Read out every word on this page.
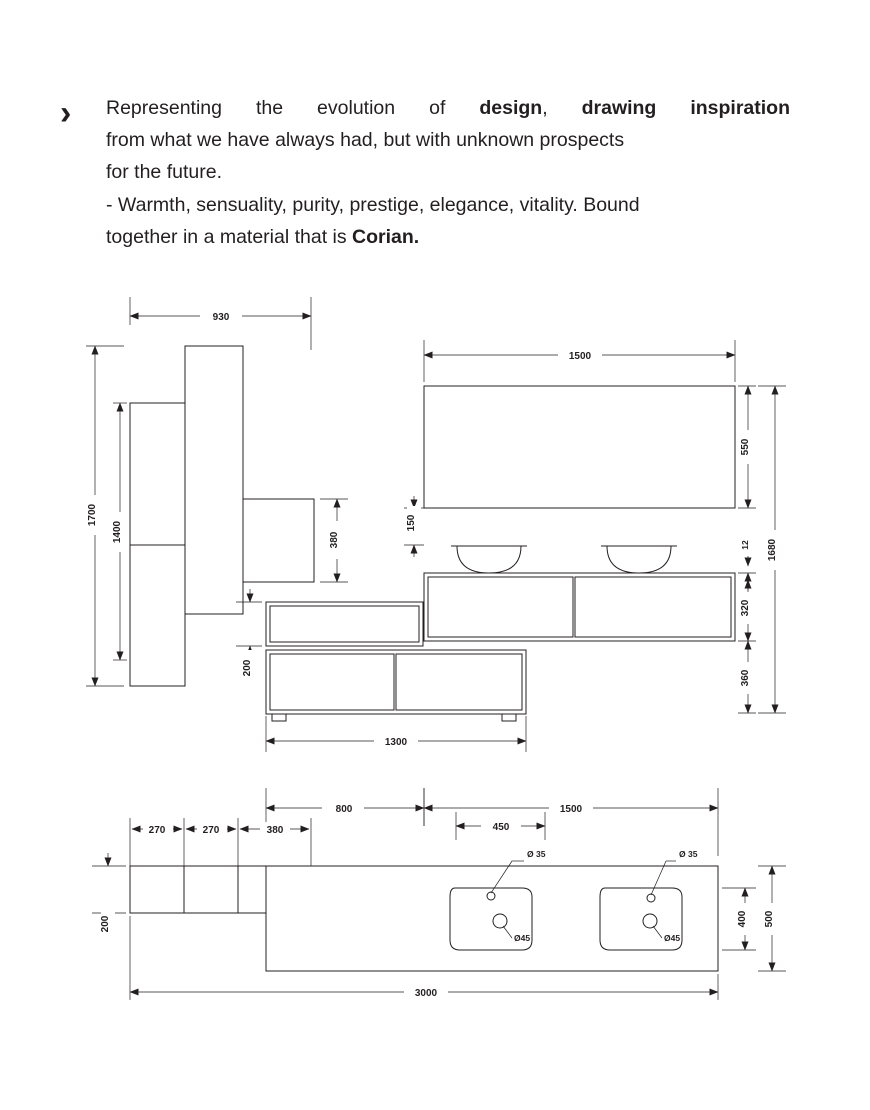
› Representing the evolution of design, drawing inspiration
from what we have always had, but with unknown prospects
for the future.
- Warmth, sensuality, purity, prestige, elegance, vitality. Bound
together in a material that is Corian.
930
1700
1400	380
1500
550
150
12
320
360
1680
200
1300
800	1500
450
270	270	380
Ø 35	Ø 35
Ø45	Ø45
200	400 500
3000
